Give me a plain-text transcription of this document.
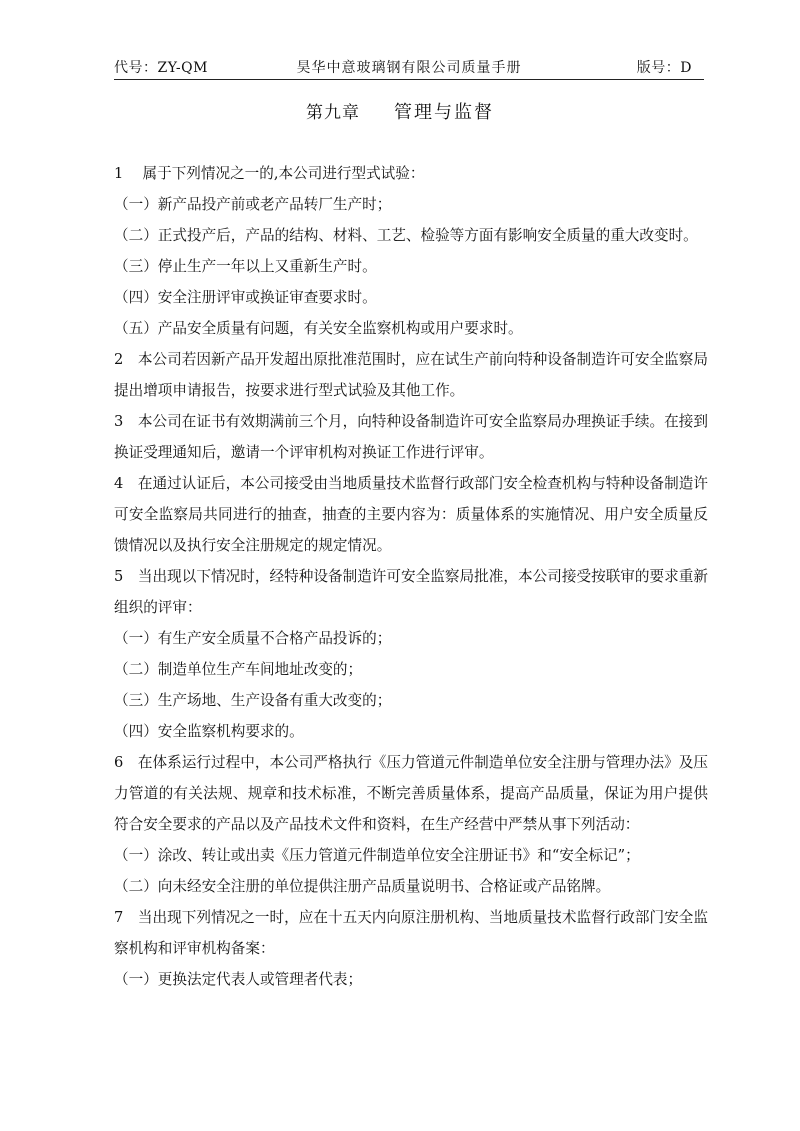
昊华中意玻璃钢有限公司质量手册
代号：ZY-QM	版号：D
第九章 管理与监督

1　 属于下列情况之一的,本公司进行型式试验：

（一）新产品投产前或老产品转厂生产时；

（二）正式投产后，产品的结构、材料、工艺、检验等方面有影响安全质量的重大改变时。

（三）停止生产一年以上又重新生产时。

（四）安全注册评审或换证审查要求时。

（五）产品安全质量有问题，有关安全监察机构或用户要求时。

2　本公司若因新产品开发超出原批准范围时，应在试生产前向特种设备制造许可安全监察局提出增项申请报告，按要求进行型式试验及其他工作。

3　本公司在证书有效期满前三个月，向特种设备制造许可安全监察局办理换证手续。在接到换证受理通知后，邀请一个评审机构对换证工作进行评审。

4　在通过认证后，本公司接受由当地质量技术监督行政部门安全检查机构与特种设备制造许可安全监察局共同进行的抽查，抽查的主要内容为：质量体系的实施情况、用户安全质量反馈情况以及执行安全注册规定的规定情况。

5　当出现以下情况时，经特种设备制造许可安全监察局批准，本公司接受按联审的要求重新组织的评审：

（一）有生产安全质量不合格产品投诉的；

（二）制造单位生产车间地址改变的；

（三）生产场地、生产设备有重大改变的；

（四）安全监察机构要求的。

6　在体系运行过程中，本公司严格执行《压力管道元件制造单位安全注册与管理办法》及压力管道的有关法规、规章和技术标准，不断完善质量体系，提高产品质量，保证为用户提供符合安全要求的产品以及产品技术文件和资料，在生产经营中严禁从事下列活动：

（一）涂改、转让或出卖《压力管道元件制造单位安全注册证书》和“安全标记”；

（二）向未经安全注册的单位提供注册产品质量说明书、合格证或产品铭牌。

7　当出现下列情况之一时，应在十五天内向原注册机构、当地质量技术监督行政部门安全监察机构和评审机构备案：

（一）更换法定代表人或管理者代表；
